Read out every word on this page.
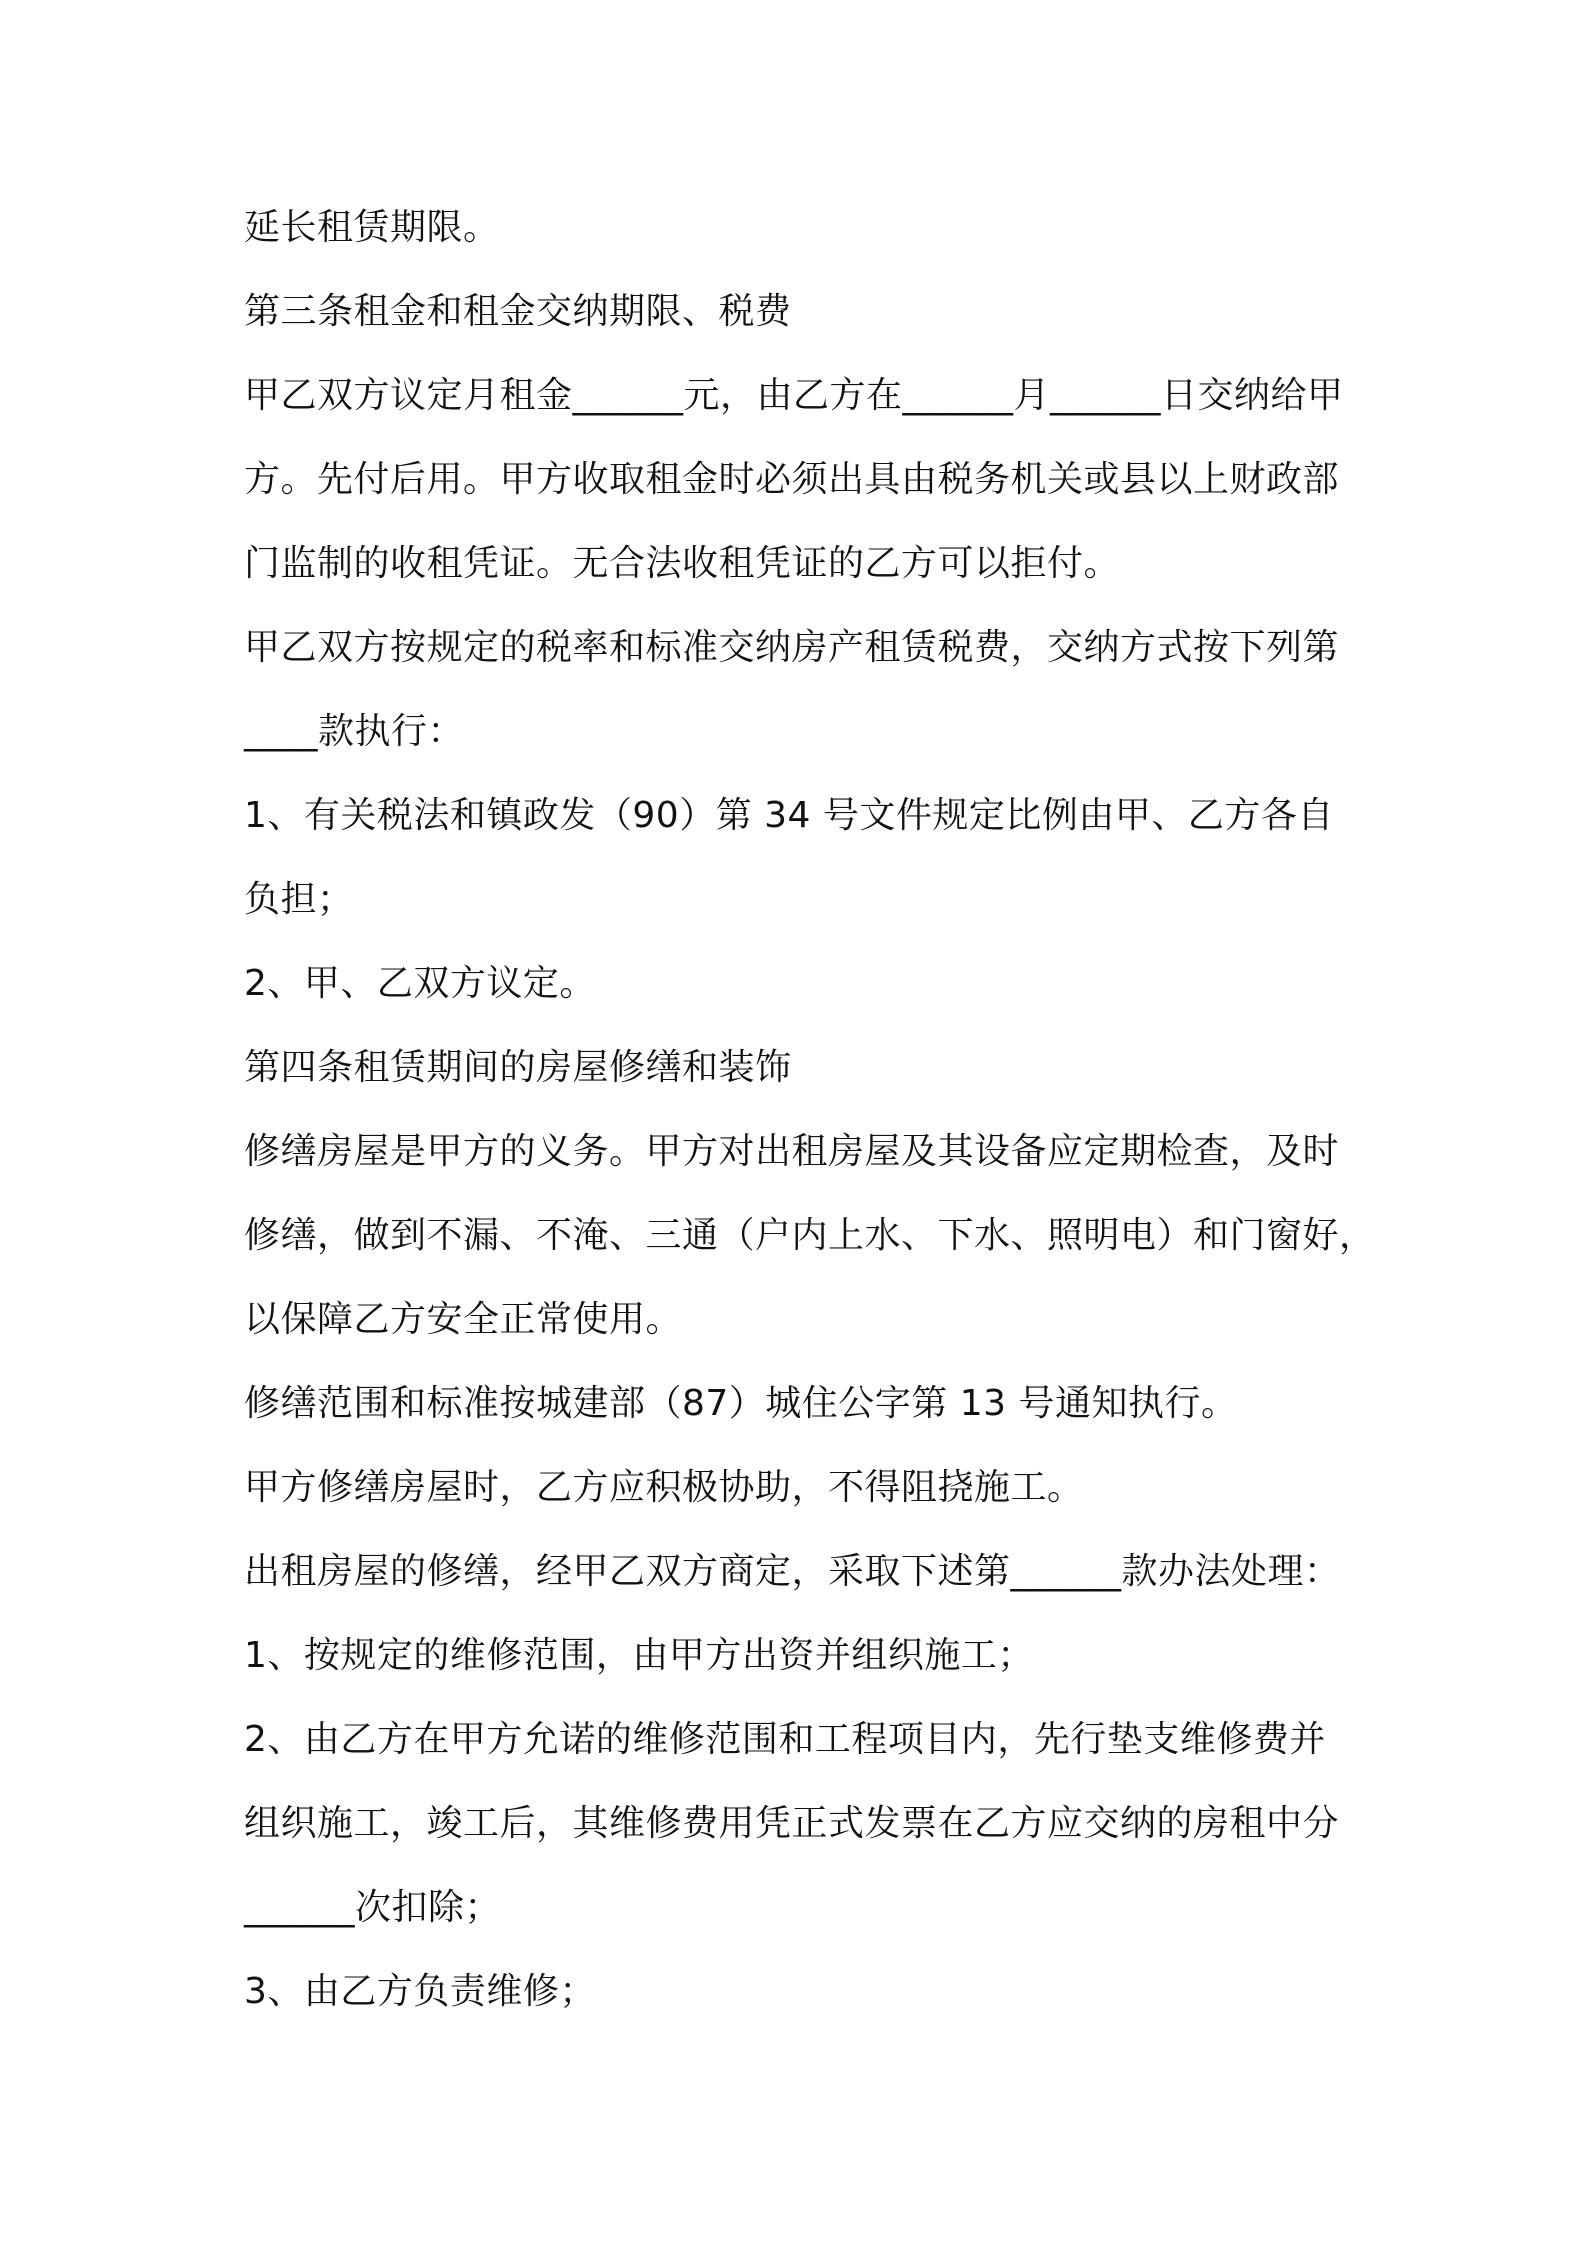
延长租赁期限。
第三条租金和租金交纳期限、税费
甲乙双方议定月租金______元，由乙方在______月______日交纳给甲
方。先付后用。甲方收取租金时必须出具由税务机关或县以上财政部
门监制的收租凭证。无合法收租凭证的乙方可以拒付。
甲乙双方按规定的税率和标准交纳房产租赁税费，交纳方式按下列第
____款执行：
1、有关税法和镇政发（90）第 34 号文件规定比例由甲、乙方各自
负担；
2、甲、乙双方议定。
第四条租赁期间的房屋修缮和装饰
修缮房屋是甲方的义务。甲方对出租房屋及其设备应定期检查，及时
修缮，做到不漏、不淹、三通（户内上水、下水、照明电）和门窗好，
以保障乙方安全正常使用。
修缮范围和标准按城建部（87）城住公字第 13 号通知执行。
甲方修缮房屋时，乙方应积极协助，不得阻挠施工。
出租房屋的修缮，经甲乙双方商定，采取下述第______款办法处理：
1、按规定的维修范围，由甲方出资并组织施工；
2、由乙方在甲方允诺的维修范围和工程项目内，先行垫支维修费并
组织施工，竣工后，其维修费用凭正式发票在乙方应交纳的房租中分
______次扣除；
3、由乙方负责维修；
